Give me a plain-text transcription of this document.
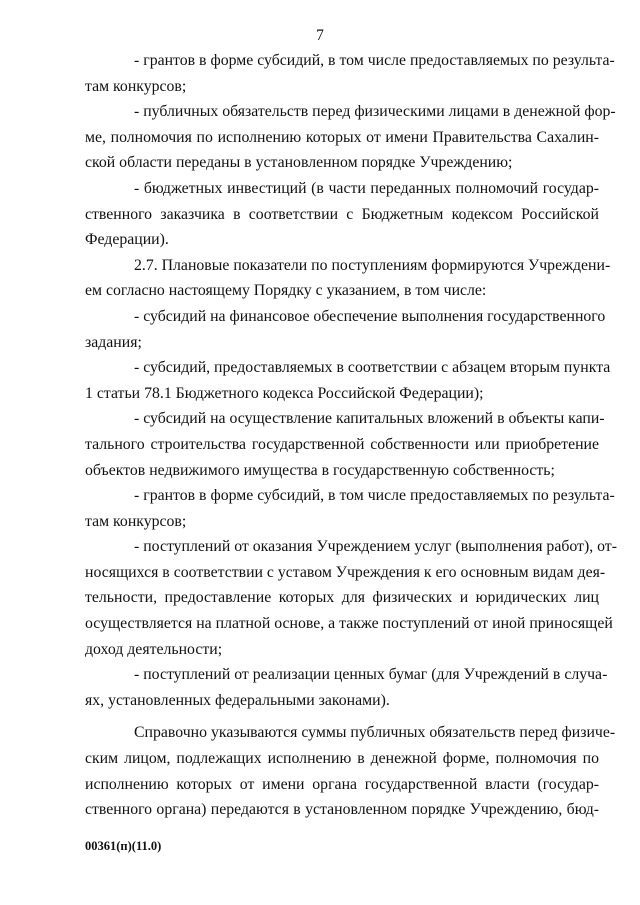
7
- грантов в форме субсидий, в том числе предоставляемых по результа-
там конкурсов;
- публичных обязательств перед физическими лицами в денежной фор-
ме, полномочия по исполнению которых от имени Правительства Сахалин-
ской области переданы в установленном порядке Учреждению;
- бюджетных инвестиций (в части переданных полномочий государ-
ственного заказчика в соответствии с Бюджетным кодексом Российской
Федерации).
2.7. Плановые показатели по поступлениям формируются Учреждени-
ем согласно настоящему Порядку с указанием, в том числе:
- субсидий на финансовое обеспечение выполнения государственного
задания;
- субсидий, предоставляемых в соответствии с абзацем вторым пункта
1 статьи 78.1 Бюджетного кодекса Российской Федерации);
- субсидий на осуществление капитальных вложений в объекты капи-
тального строительства государственной собственности или приобретение
объектов недвижимого имущества в государственную собственность;
- грантов в форме субсидий, в том числе предоставляемых по результа-
там конкурсов;
- поступлений от оказания Учреждением услуг (выполнения работ), от-
носящихся в соответствии с уставом Учреждения к его основным видам дея-
тельности, предоставление которых для физических и юридических лиц
осуществляется на платной основе, а также поступлений от иной приносящей
доход деятельности;
- поступлений от реализации ценных бумаг (для Учреждений в случа-
ях, установленных федеральными законами).
Справочно указываются суммы публичных обязательств перед физиче-
ским лицом, подлежащих исполнению в денежной форме, полномочия по
исполнению которых от имени органа государственной власти (государ-
ственного органа) передаются в установленном порядке Учреждению, бюд-
00361(п)(11.0)
